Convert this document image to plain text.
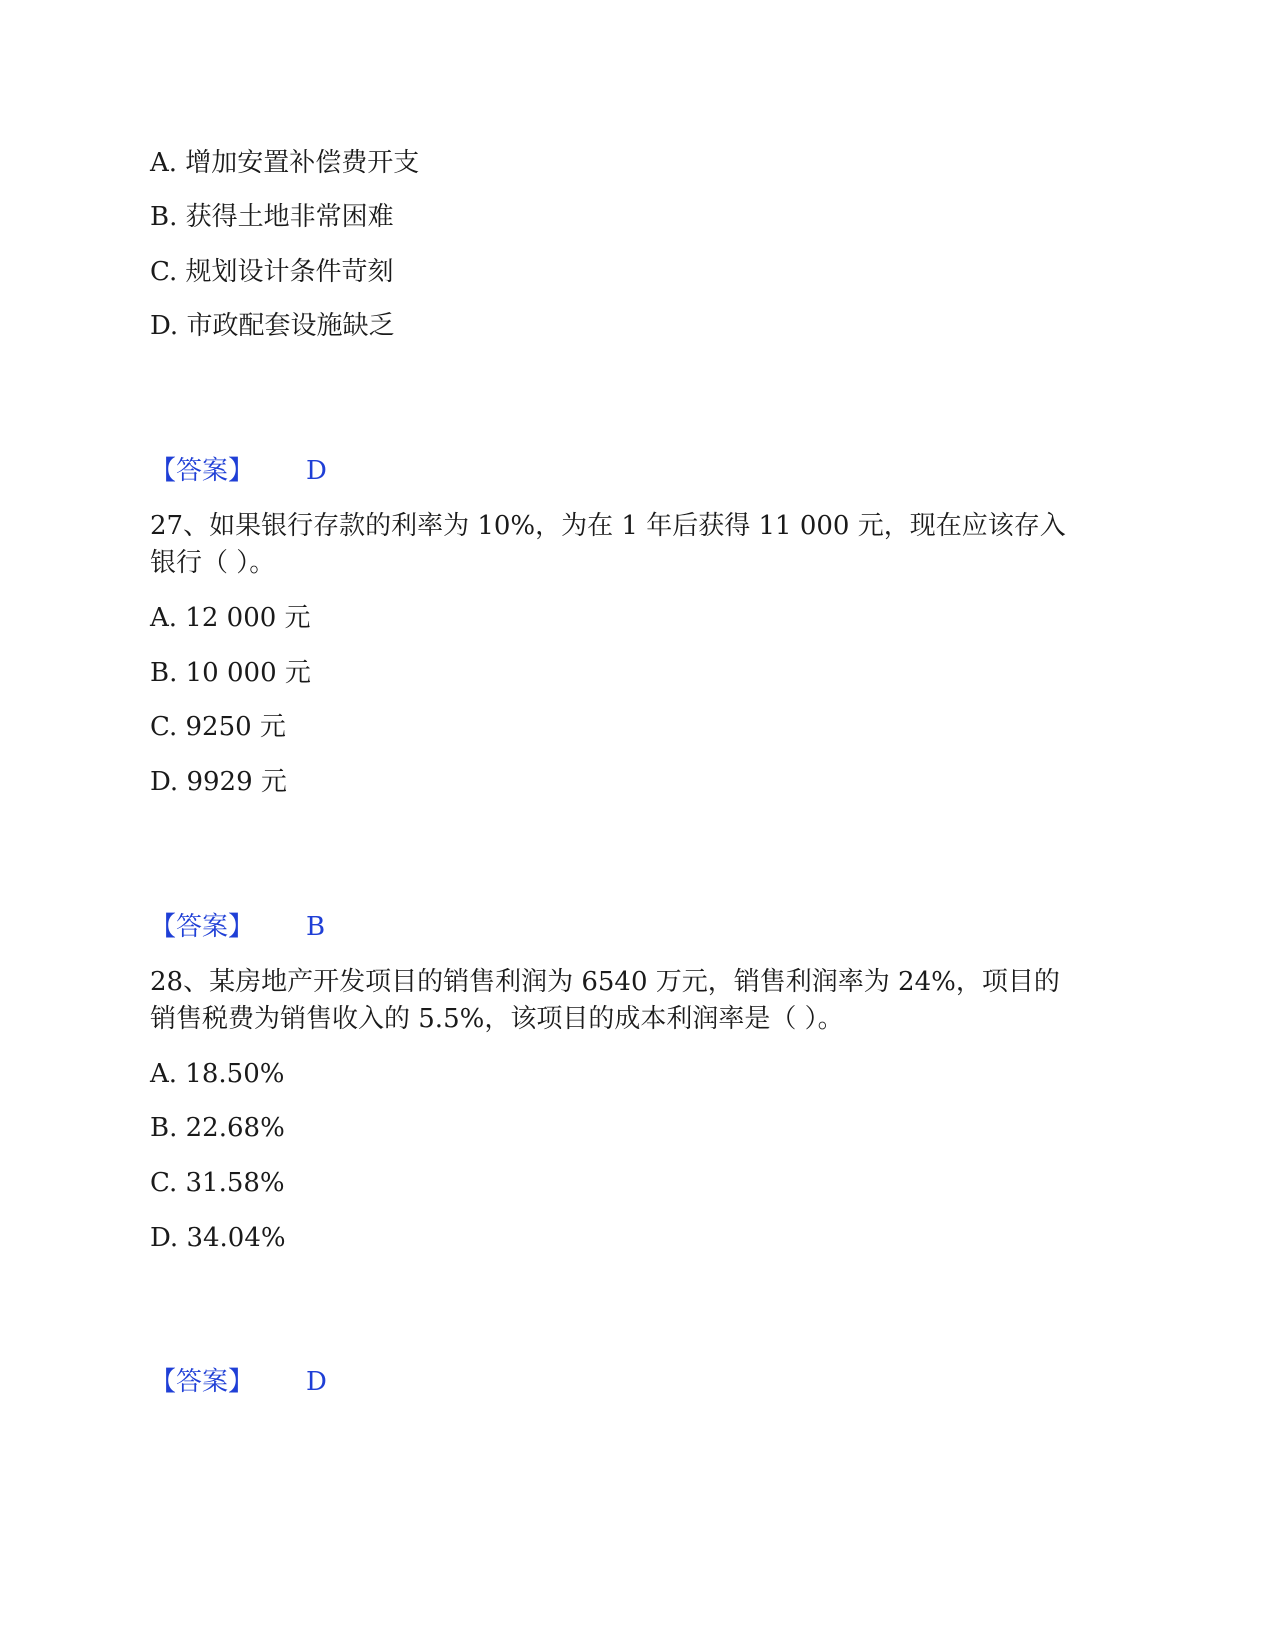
A. 增加安置补偿费开支
B. 获得土地非常困难
C. 规划设计条件苛刻
D. 市政配套设施缺乏
【答案】 D
27、如果银行存款的利率为 10%，为在 1 年后获得 11 000 元，现在应该存入
银行（ ）。
A. 12 000 元
B. 10 000 元
C. 9250 元
D. 9929 元
【答案】 B
28、某房地产开发项目的销售利润为 6540 万元，销售利润率为 24%，项目的
销售税费为销售收入的 5.5%，该项目的成本利润率是（ ）。
A. 18.50%
B. 22.68%
C. 31.58%
D. 34.04%
【答案】 D
